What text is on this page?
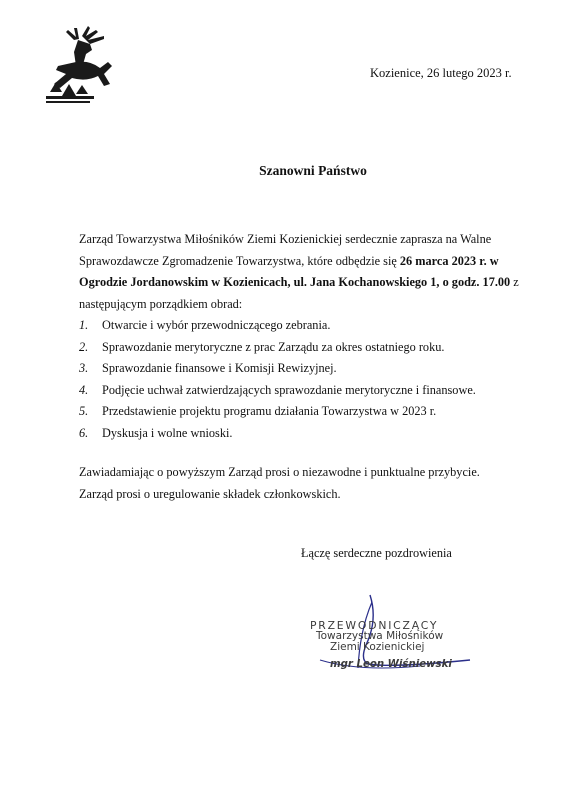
Kozienice, 26 lutego 2023 r.
Szanowni Państwo
Zarząd Towarzystwa Miłośników Ziemi Kozienickiej serdecznie zaprasza na Walne Sprawozdawcze Zgromadzenie Towarzystwa, które odbędzie się 26 marca 2023 r. w Ogrodzie Jordanowskim w Kozienicach, ul. Jana Kochanowskiego 1, o godz. 17.00 z następującym porządkiem obrad:
1.	Otwarcie i wybór przewodniczącego zebrania.
2.	Sprawozdanie merytoryczne z prac Zarządu za okres ostatniego roku.
3.	Sprawozdanie finansowe i Komisji Rewizyjnej.
4.	Podjęcie uchwał zatwierdzających sprawozdanie merytoryczne i finansowe.
5.	Przedstawienie projektu programu działania Towarzystwa w 2023 r.
6.	Dyskusja i wolne wnioski.
Zawiadamiając o powyższym Zarząd prosi o niezawodne i punktualne przybycie.
Zarząd prosi o uregulowanie składek członkowskich.
Łączę serdeczne pozdrowienia
PRZEWODNICZĄCY
Towarzystwa Miłośników
Ziemi Kozienickiej
mgr Leon Wiśniewski
